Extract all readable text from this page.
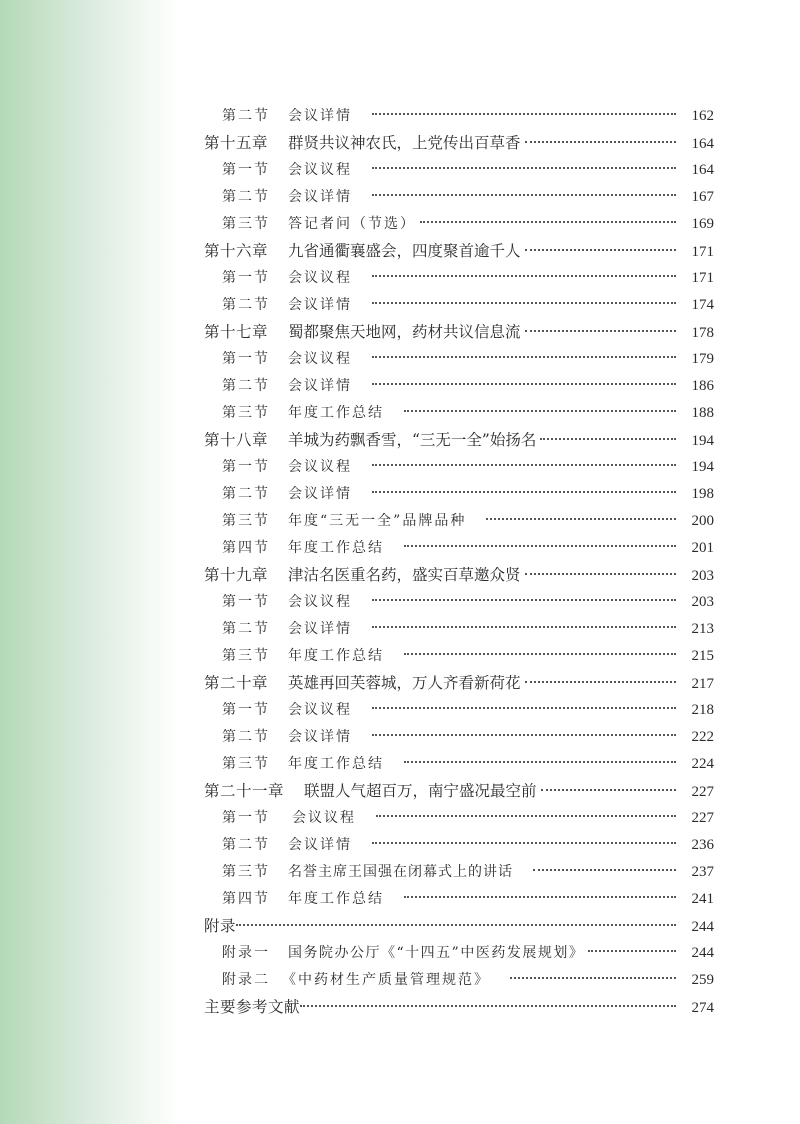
第二节	会议详情	162
第十五章	群贤共议神农氏，上党传出百草香	164
第一节	会议议程	164
第二节	会议详情	167
第三节	答记者问（节选）	169
第十六章	九省通衢襄盛会，四度聚首逾千人	171
第一节	会议议程	171
第二节	会议详情	174
第十七章	蜀都聚焦天地网，药材共议信息流	178
第一节	会议议程	179
第二节	会议详情	186
第三节	年度工作总结	188
第十八章	羊城为药飘香雪，“三无一全”始扬名	194
第一节	会议议程	194
第二节	会议详情	198
第三节	年度“三无一全”品牌品种	200
第四节	年度工作总结	201
第十九章	津沽名医重名药，盛实百草邀众贤	203
第一节	会议议程	203
第二节	会议详情	213
第三节	年度工作总结	215
第二十章	英雄再回芙蓉城，万人齐看新荷花	217
第一节	会议议程	218
第二节	会议详情	222
第三节	年度工作总结	224
第二十一章	联盟人气超百万，南宁盛况最空前	227
第一节	会议议程	227
第二节	会议详情	236
第三节	名誉主席王国强在闭幕式上的讲话	237
第四节	年度工作总结	241
附录	244
附录一	国务院办公厅《“十四五”中医药发展规划》	244
附录二 《中药材生产质量管理规范》	259
主要参考文献	274
